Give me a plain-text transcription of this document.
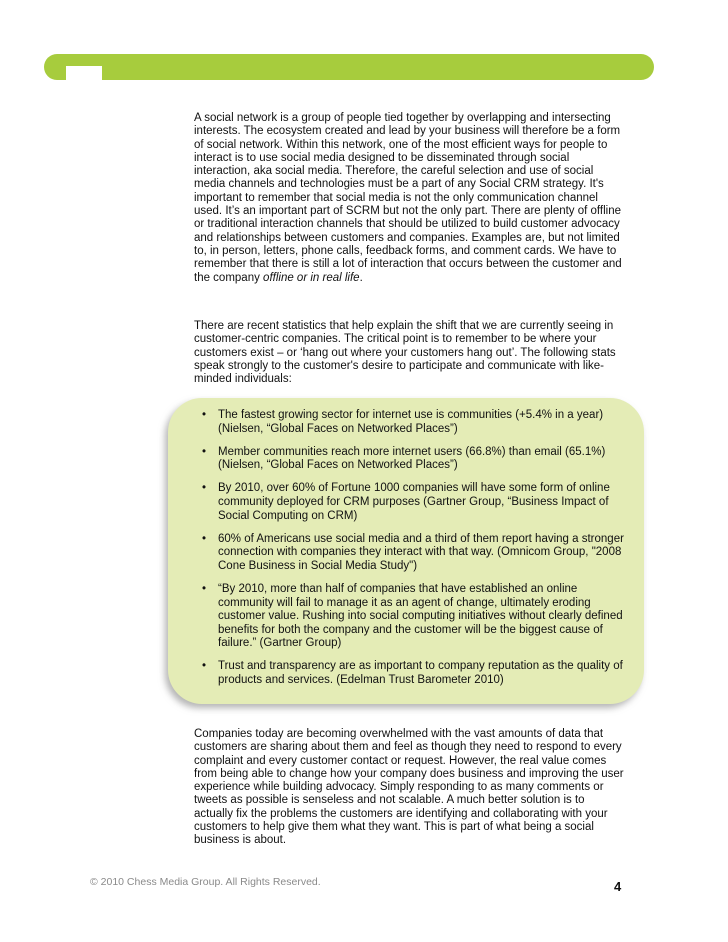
A social network is a group of people tied together by overlapping and intersecting interests. The ecosystem created and lead by your business will therefore be a form of social network. Within this network, one of the most efficient ways for people to interact is to use social media designed to be disseminated through social interaction, aka social media. Therefore, the careful selection and use of social media channels and technologies must be a part of any Social CRM strategy. It's important to remember that social media is not the only communication channel used. It’s an important part of SCRM but not the only part. There are plenty of offline or traditional interaction channels that should be utilized to build customer advocacy and relationships between customers and companies. Examples are, but not limited to, in person, letters, phone calls, feedback forms, and comment cards. We have to remember that there is still a lot of interaction that occurs between the customer and the company offline or in real life.

There are recent statistics that help explain the shift that we are currently seeing in customer-centric companies. The critical point is to remember to be where your customers exist – or ‘hang out where your customers hang out’. The following stats speak strongly to the customer's desire to participate and communicate with like-minded individuals:

Companies today are becoming overwhelmed with the vast amounts of data that customers are sharing about them and feel as though they need to respond to every complaint and every customer contact or request. However, the real value comes from being able to change how your company does business and improving the user experience while building advocacy. Simply responding to as many comments or tweets as possible is senseless and not scalable. A much better solution is to actually fix the problems the customers are identifying and collaborating with your customers to help give them what they want. This is part of what being a social business is about.

• The fastest growing sector for internet use is communities (+5.4% in a year) (Nielsen, “Global Faces on Networked Places”)
• Member communities reach more internet users (66.8%) than email (65.1%) (Nielsen, “Global Faces on Networked Places”)
• By 2010, over 60% of Fortune 1000 companies will have some form of online community deployed for CRM purposes (Gartner Group, “Business Impact of Social Computing on CRM)
• 60% of Americans use social media and a third of them report having a stronger connection with companies they interact with that way. (Omnicom Group, "2008 Cone Business in Social Media Study")
• “By 2010, more than half of companies that have established an online community will fail to manage it as an agent of change, ultimately eroding customer value. Rushing into social computing initiatives without clearly defined benefits for both the company and the customer will be the biggest cause of failure.” (Gartner Group)
• Trust and transparency are as important to company reputation as the quality of products and services. (Edelman Trust Barometer 2010)
© 2010 Chess Media Group. All Rights Reserved.	4
